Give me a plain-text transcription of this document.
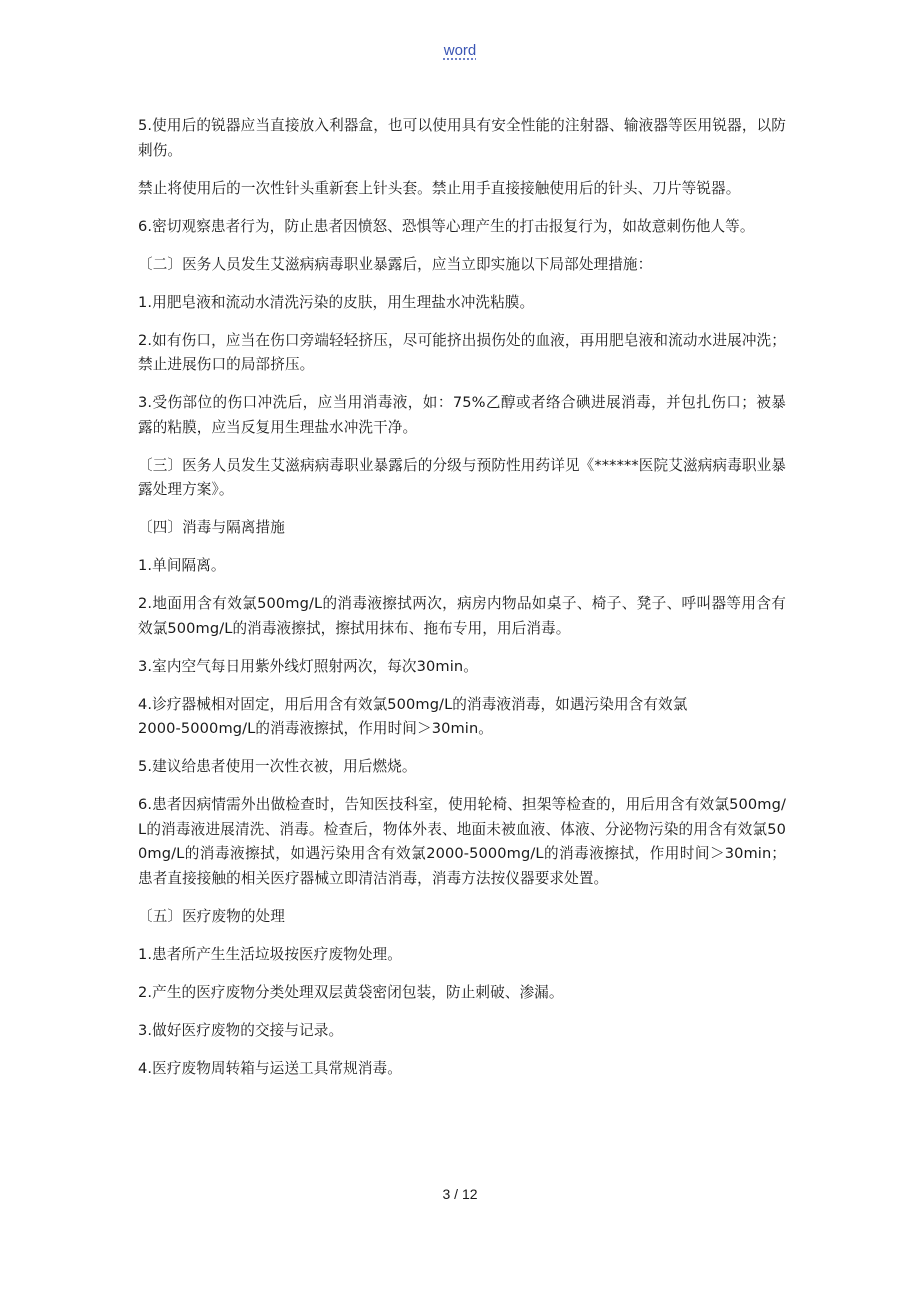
word

5.使用后的锐器应当直接放入利器盒，也可以使用具有安全性能的注射器、输液器等医用锐器，以防刺伤。

禁止将使用后的一次性针头重新套上针头套。禁止用手直接接触使用后的针头、刀片等锐器。

6.密切观察患者行为，防止患者因愤怒、恐惧等心理产生的打击报复行为，如故意刺伤他人等。

〔二〕医务人员发生艾滋病病毒职业暴露后，应当立即实施以下局部处理措施：

1.用肥皂液和流动水清洗污染的皮肤，用生理盐水冲洗粘膜。

2.如有伤口，应当在伤口旁端轻轻挤压，尽可能挤出损伤处的血液，再用肥皂液和流动水进展冲洗；禁止进展伤口的局部挤压。

3.受伤部位的伤口冲洗后，应当用消毒液，如：75%乙醇或者络合碘进展消毒，并包扎伤口；被暴露的粘膜，应当反复用生理盐水冲洗干净。

〔三〕医务人员发生艾滋病病毒职业暴露后的分级与预防性用药详见《******医院艾滋病病毒职业暴露处理方案》。

〔四〕消毒与隔离措施

1.单间隔离。

2.地面用含有效氯500mg/L的消毒液擦拭两次，病房内物品如桌子、椅子、凳子、呼叫器等用含有效氯500mg/L的消毒液擦拭，擦拭用抹布、拖布专用，用后消毒。

3.室内空气每日用紫外线灯照射两次，每次30min。

4.诊疗器械相对固定，用后用含有效氯500mg/L的消毒液消毒，如遇污染用含有效氯
2000-5000mg/L的消毒液擦拭，作用时间＞30min。

5.建议给患者使用一次性衣被，用后燃烧。

6.患者因病情需外出做检查时，告知医技科室，使用轮椅、担架等检查的，用后用含有效氯500mg/L的消毒液进展清洗、消毒。检查后，物体外表、地面未被血液、体液、分泌物污染的用含有效氯500mg/L的消毒液擦拭，如遇污染用含有效氯2000-5000mg/L的消毒液擦拭，作用时间＞30min；患者直接接触的相关医疗器械立即清洁消毒，消毒方法按仪器要求处置。

〔五〕医疗废物的处理

1.患者所产生生活垃圾按医疗废物处理。

2.产生的医疗废物分类处理双层黄袋密闭包装，防止刺破、渗漏。

3.做好医疗废物的交接与记录。

4.医疗废物周转箱与运送工具常规消毒。

3 / 12
